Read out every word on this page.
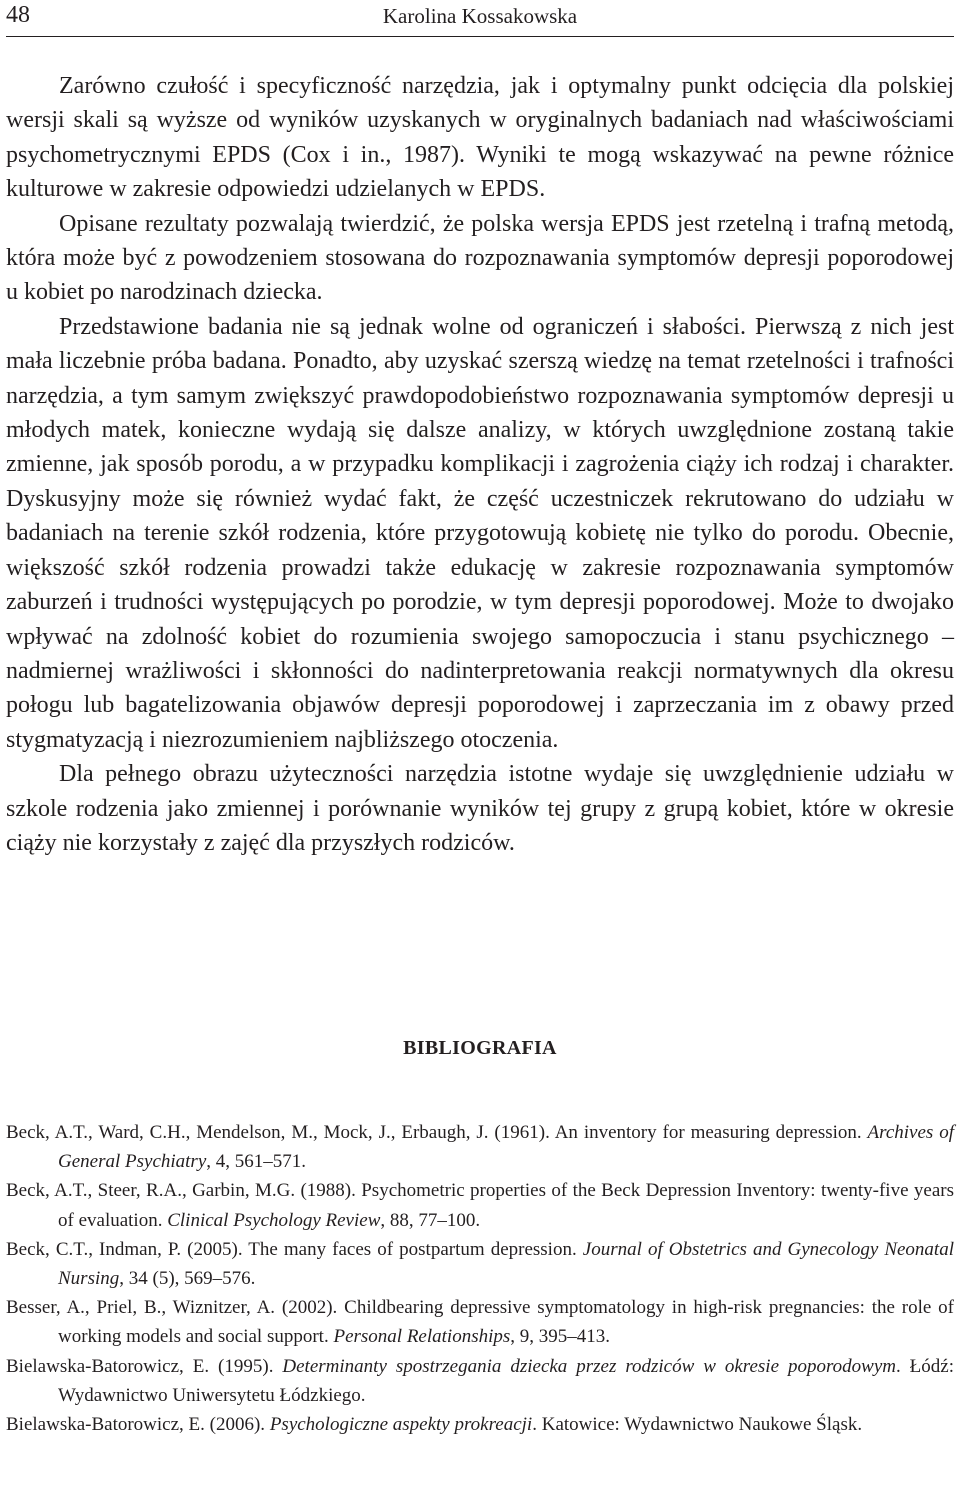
48	Karolina Kossakowska

Zarówno czułość i specyficzność narzędzia, jak i optymalny punkt odcięcia dla polskiej wersji skali są wyższe od wyników uzyskanych w oryginalnych badaniach nad właściwościami psychometrycznymi EPDS (Cox i in., 1987). Wyniki te mogą wskazywać na pewne różnice kulturowe w zakresie odpowiedzi udzielanych w EPDS.

Opisane rezultaty pozwalają twierdzić, że polska wersja EPDS jest rzetelną i trafną metodą, która może być z powodzeniem stosowana do rozpoznawania symptomów depresji poporodowej u kobiet po narodzinach dziecka.

Przedstawione badania nie są jednak wolne od ograniczeń i słabości. Pierwszą z nich jest mała liczebnie próba badana. Ponadto, aby uzyskać szerszą wiedzę na temat rzetelności i trafności narzędzia, a tym samym zwiększyć prawdopodobieństwo rozpoznawania symptomów depresji u młodych matek, konieczne wydają się dalsze analizy, w których uwzględnione zostaną takie zmienne, jak sposób porodu, a w przypadku komplikacji i zagrożenia ciąży ich rodzaj i charakter. Dyskusyjny może się również wydać fakt, że część uczestniczek rekrutowano do udziału w badaniach na terenie szkół rodzenia, które przygotowują kobietę nie tylko do porodu. Obecnie, większość szkół rodzenia prowadzi także edukację w zakresie rozpoznawania symptomów zaburzeń i trudności występujących po porodzie, w tym depresji poporodowej. Może to dwojako wpływać na zdolność kobiet do rozumienia swojego samopoczucia i stanu psychicznego – nadmiernej wrażliwości i skłonności do nadinterpretowania reakcji normatywnych dla okresu połogu lub bagatelizowania objawów depresji poporodowej i zaprzeczania im z obawy przed stygmatyzacją i niezrozumieniem najbliższego otoczenia.

Dla pełnego obrazu użyteczności narzędzia istotne wydaje się uwzględnienie udziału w szkole rodzenia jako zmiennej i porównanie wyników tej grupy z grupą kobiet, które w okresie ciąży nie korzystały z zajęć dla przyszłych rodziców.

BIBLIOGRAFIA
Beck, A.T., Ward, C.H., Mendelson, M., Mock, J., Erbaugh, J. (1961). An inventory for measuring depression. Archives of General Psychiatry, 4, 561–571.
Beck, A.T., Steer, R.A., Garbin, M.G. (1988). Psychometric properties of the Beck Depression Inventory: twenty-five years of evaluation. Clinical Psychology Review, 88, 77–100.
Beck, C.T., Indman, P. (2005). The many faces of postpartum depression. Journal of Obstetrics and Gynecology Neonatal Nursing, 34 (5), 569–576.
Besser, A., Priel, B., Wiznitzer, A. (2002). Childbearing depressive symptomatology in high-risk pregnancies: the role of working models and social support. Personal Relationships, 9, 395–413.
Bielawska-Batorowicz, E. (1995). Determinanty spostrzegania dziecka przez rodziców w okresie poporodowym. Łódź: Wydawnictwo Uniwersytetu Łódzkiego.
Bielawska-Batorowicz, E. (2006). Psychologiczne aspekty prokreacji. Katowice: Wydawnictwo Naukowe Śląsk.
